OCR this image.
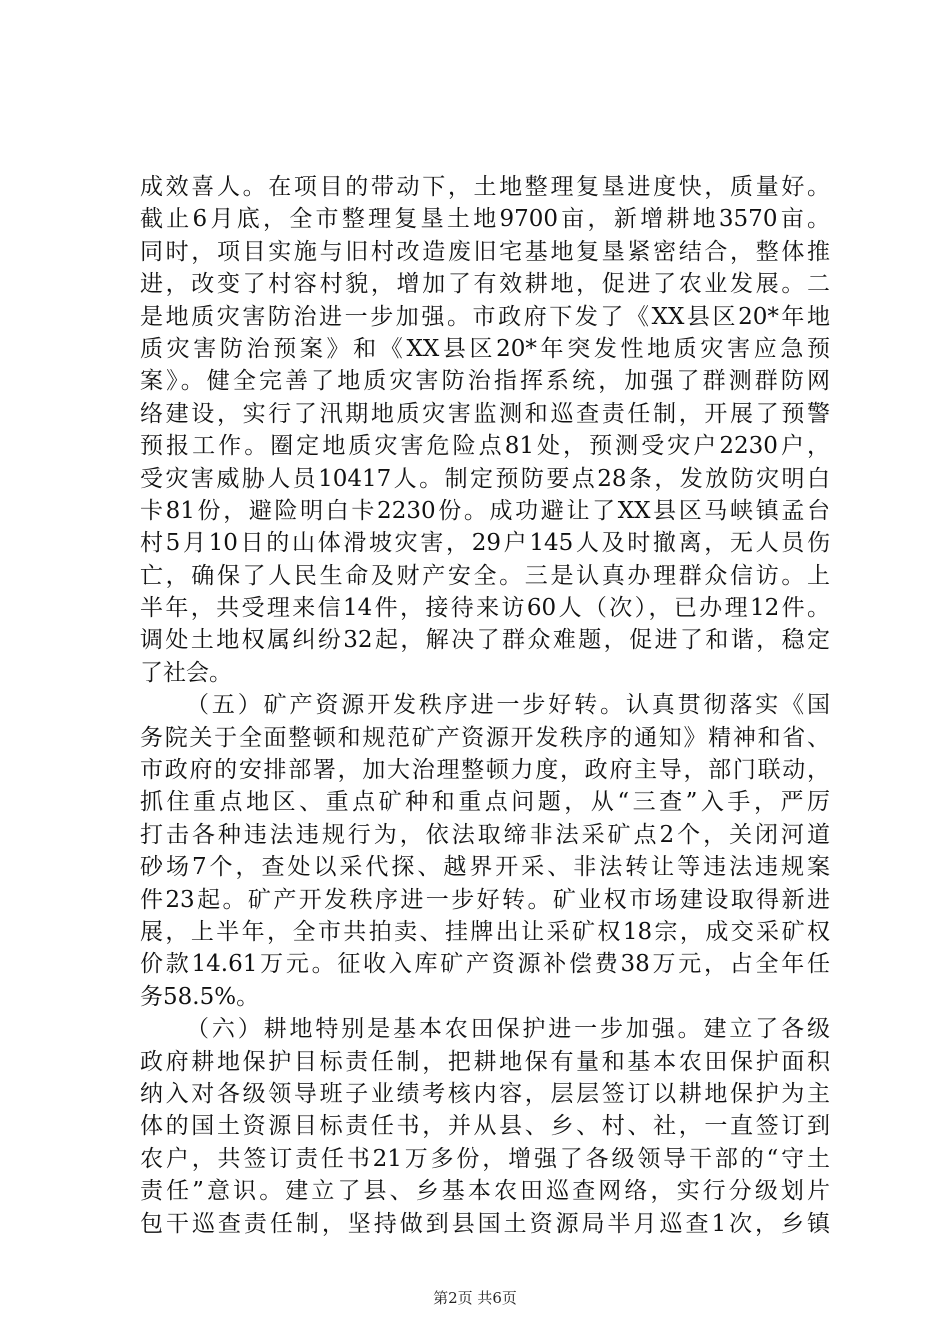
成效喜人。在项目的带动下，土地整理复垦进度快，质量好。
截止6月底，全市整理复垦土地9700亩，新增耕地3570亩。
同时，项目实施与旧村改造废旧宅基地复垦紧密结合，整体推
进，改变了村容村貌，增加了有效耕地，促进了农业发展。二
是地质灾害防治进一步加强。市政府下发了《XX县区20*年地
质灾害防治预案》和《XX县区20*年突发性地质灾害应急预
案》。健全完善了地质灾害防治指挥系统，加强了群测群防网
络建设，实行了汛期地质灾害监测和巡查责任制，开展了预警
预报工作。圈定地质灾害危险点81处，预测受灾户2230户，
受灾害威胁人员10417人。制定预防要点28条，发放防灾明白
卡81份，避险明白卡2230份。成功避让了XX县区马峡镇孟台
村5月10日的山体滑坡灾害，29户145人及时撤离，无人员伤
亡，确保了人民生命及财产安全。三是认真办理群众信访。上
半年，共受理来信14件，接待来访60人（次），已办理12件。
调处土地权属纠纷32起，解决了群众难题，促进了和谐，稳定
了社会。
（五）矿产资源开发秩序进一步好转。认真贯彻落实《国
务院关于全面整顿和规范矿产资源开发秩序的通知》精神和省、
市政府的安排部署，加大治理整顿力度，政府主导，部门联动，
抓住重点地区、重点矿种和重点问题，从“三查”入手，严厉
打击各种违法违规行为，依法取缔非法采矿点2个，关闭河道
砂场7个，查处以采代探、越界开采、非法转让等违法违规案
件23起。矿产开发秩序进一步好转。矿业权市场建设取得新进
展，上半年，全市共拍卖、挂牌出让采矿权18宗，成交采矿权
价款14.61万元。征收入库矿产资源补偿费38万元，占全年任
务58.5%。
（六）耕地特别是基本农田保护进一步加强。建立了各级
政府耕地保护目标责任制，把耕地保有量和基本农田保护面积
纳入对各级领导班子业绩考核内容，层层签订以耕地保护为主
体的国土资源目标责任书，并从县、乡、村、社，一直签订到
农户，共签订责任书21万多份，增强了各级领导干部的“守土
责任”意识。建立了县、乡基本农田巡查网络，实行分级划片
包干巡查责任制，坚持做到县国土资源局半月巡查1次，乡镇
第2页 共6页
